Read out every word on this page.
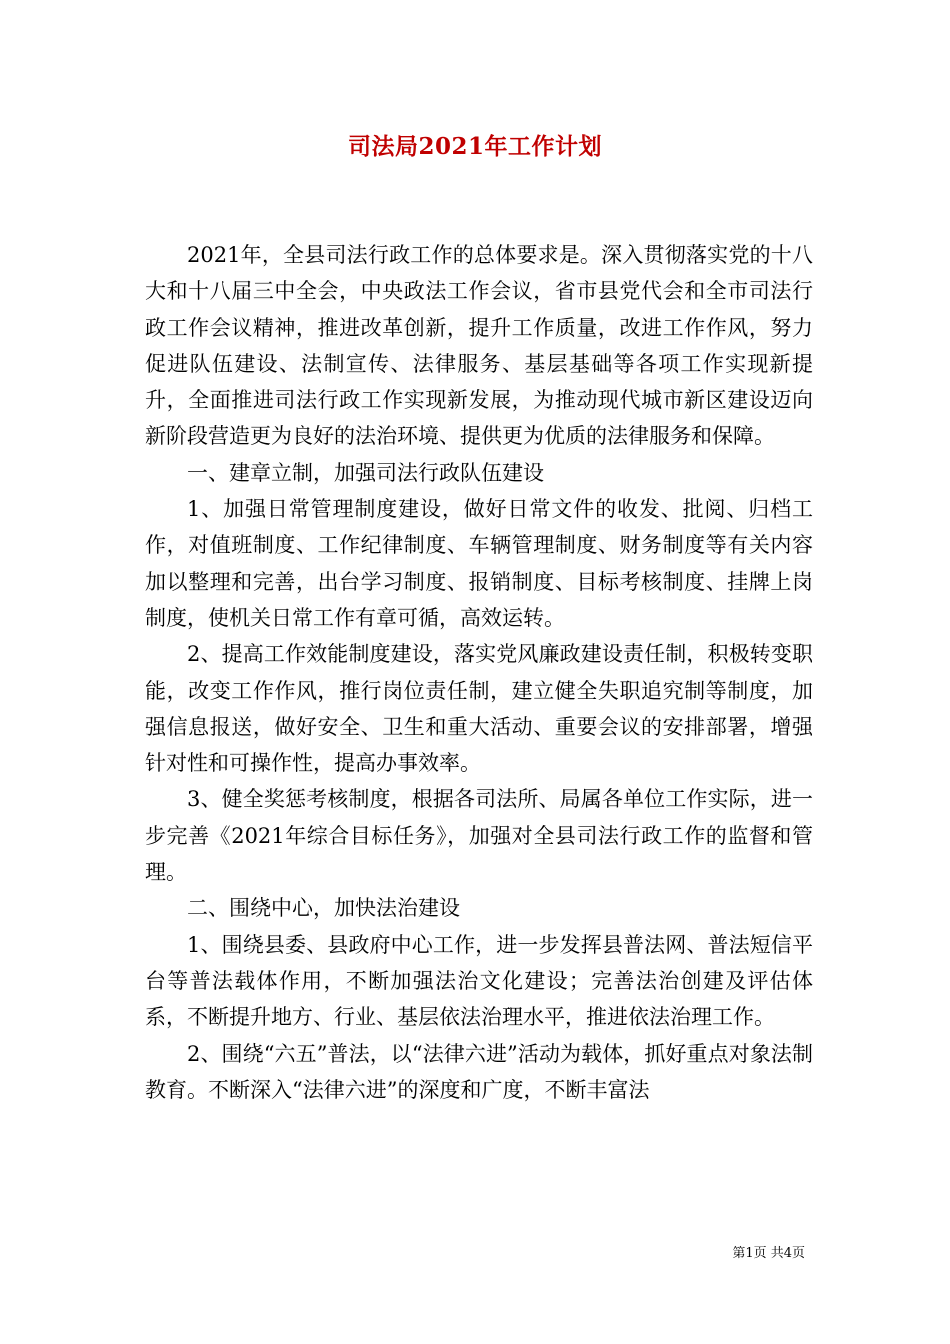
司法局2021年工作计划

2021年，全县司法行政工作的总体要求是。深入贯彻落实党的十八大和十八届三中全会，中央政法工作会议，省市县党代会和全市司法行政工作会议精神，推进改革创新，提升工作质量，改进工作作风，努力促进队伍建设、法制宣传、法律服务、基层基础等各项工作实现新提升，全面推进司法行政工作实现新发展，为推动现代城市新区建设迈向新阶段营造更为良好的法治环境、提供更为优质的法律服务和保障。

一、建章立制，加强司法行政队伍建设

1、加强日常管理制度建设，做好日常文件的收发、批阅、归档工作，对值班制度、工作纪律制度、车辆管理制度、财务制度等有关内容加以整理和完善，出台学习制度、报销制度、目标考核制度、挂牌上岗制度，使机关日常工作有章可循，高效运转。

2、提高工作效能制度建设，落实党风廉政建设责任制，积极转变职能，改变工作作风，推行岗位责任制，建立健全失职追究制等制度，加强信息报送，做好安全、卫生和重大活动、重要会议的安排部署，增强针对性和可操作性，提高办事效率。

3、健全奖惩考核制度，根据各司法所、局属各单位工作实际，进一步完善《2021年综合目标任务》，加强对全县司法行政工作的监督和管理。

二、围绕中心，加快法治建设

1、围绕县委、县政府中心工作，进一步发挥县普法网、普法短信平台等普法载体作用，不断加强法治文化建设；完善法治创建及评估体系，不断提升地方、行业、基层依法治理水平，推进依法治理工作。

2、围绕“六五”普法，以“法律六进”活动为载体，抓好重点对象法制教育。不断深入“法律六进”的深度和广度，不断丰富法

第1页 共4页
